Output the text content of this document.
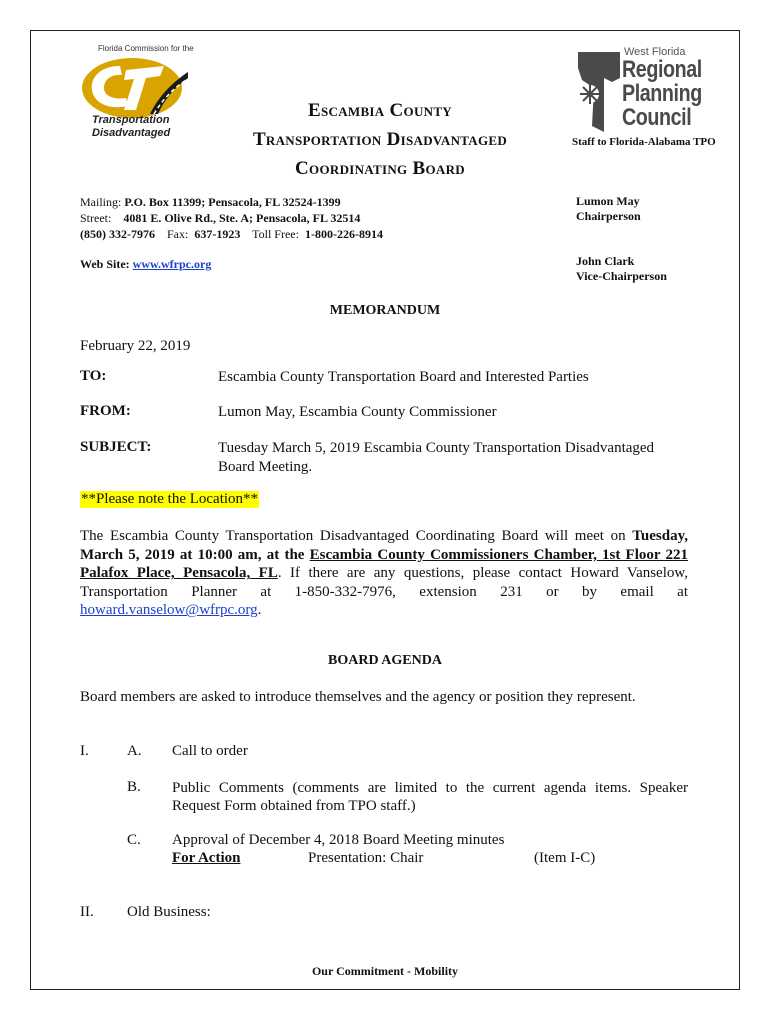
Florida Commission for the
Transportation
Disadvantaged
Escambia County
Transportation Disadvantaged
Coordinating Board
West Florida
Regional
Planning
Council
Staff to Florida-Alabama TPO
Mailing: P.O. Box 11399; Pensacola, FL 32524-1399
Street: 4081 E. Olive Rd., Ste. A; Pensacola, FL 32514
(850) 332-7976 Fax: 637-1923 Toll Free: 1-800-226-8914
Web Site: www.wfrpc.org
Lumon May
Chairperson
John Clark
Vice-Chairperson
MEMORANDUM
February 22, 2019
TO:	Escambia County Transportation Board and Interested Parties
FROM:	Lumon May, Escambia County Commissioner
SUBJECT:	Tuesday March 5, 2019 Escambia County Transportation Disadvantaged Board Meeting.
**Please note the Location**
The Escambia County Transportation Disadvantaged Coordinating Board will meet on Tuesday, March 5, 2019 at 10:00 am, at the Escambia County Commissioners Chamber, 1st Floor 221 Palafox Place, Pensacola, FL. If there are any questions, please contact Howard Vanselow, Transportation Planner at 1-850-332-7976, extension 231 or by email at howard.vanselow@wfrpc.org.
BOARD AGENDA
Board members are asked to introduce themselves and the agency or position they represent.
I.	A. Call to order
B. Public Comments (comments are limited to the current agenda items. Speaker Request Form obtained from TPO staff.)
C. Approval of December 4, 2018 Board Meeting minutes
For Action	Presentation: Chair	(Item I-C)
II. Old Business:
Our Commitment - Mobility
